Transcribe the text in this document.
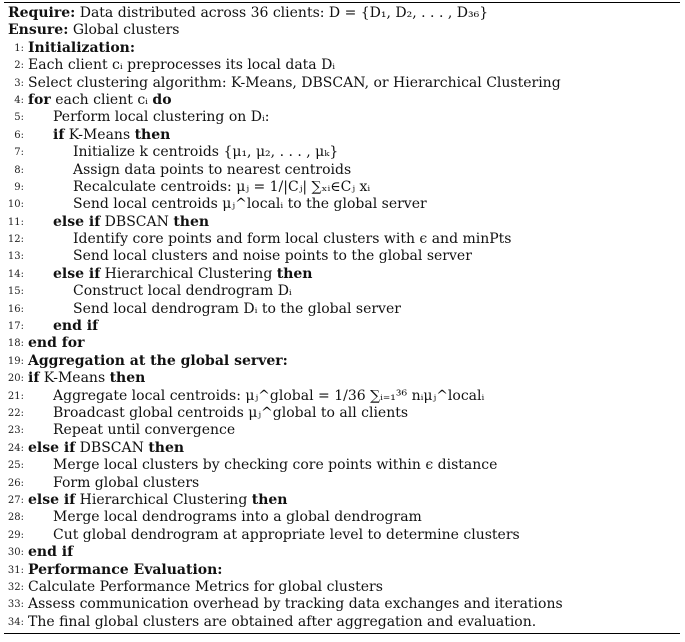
Require: Data distributed across 36 clients: D = {D₁, D₂, . . . , D₃₆}
Ensure: Global clusters
1: Initialization:
2: Each client cᵢ preprocesses its local data Dᵢ
3: Select clustering algorithm: K-Means, DBSCAN, or Hierarchical Clustering
4: for each client cᵢ do
5: Perform local clustering on Dᵢ:
6: if K-Means then
7:	Initialize k centroids {μ₁, μ₂, . . . , μₖ}
8:	Assign data points to nearest centroids
9:	Recalculate centroids: μⱼ = 1/|Cⱼ| ∑ₓᵢ∈Cⱼ xᵢ
10:	Send local centroids μⱼ^localᵢ to the global server
11: else if DBSCAN then
12:	Identify core points and form local clusters with ϵ and minPts
13:	Send local clusters and noise points to the global server
14: else if Hierarchical Clustering then
15:	Construct local dendrogram Dᵢ
16:	Send local dendrogram Dᵢ to the global server
17: end if
18: end for
19: Aggregation at the global server:
20: if K-Means then
21: Aggregate local centroids: μⱼ^global = 1/36 ∑ᵢ₌₁³⁶ nᵢμⱼ^localᵢ
22: Broadcast global centroids μⱼ^global to all clients
23: Repeat until convergence
24: else if DBSCAN then
25: Merge local clusters by checking core points within ϵ distance
26: Form global clusters
27: else if Hierarchical Clustering then
28: Merge local dendrograms into a global dendrogram
29: Cut global dendrogram at appropriate level to determine clusters
30: end if
31: Performance Evaluation:
32: Calculate Performance Metrics for global clusters
33: Assess communication overhead by tracking data exchanges and iterations
34: The final global clusters are obtained after aggregation and evaluation.
